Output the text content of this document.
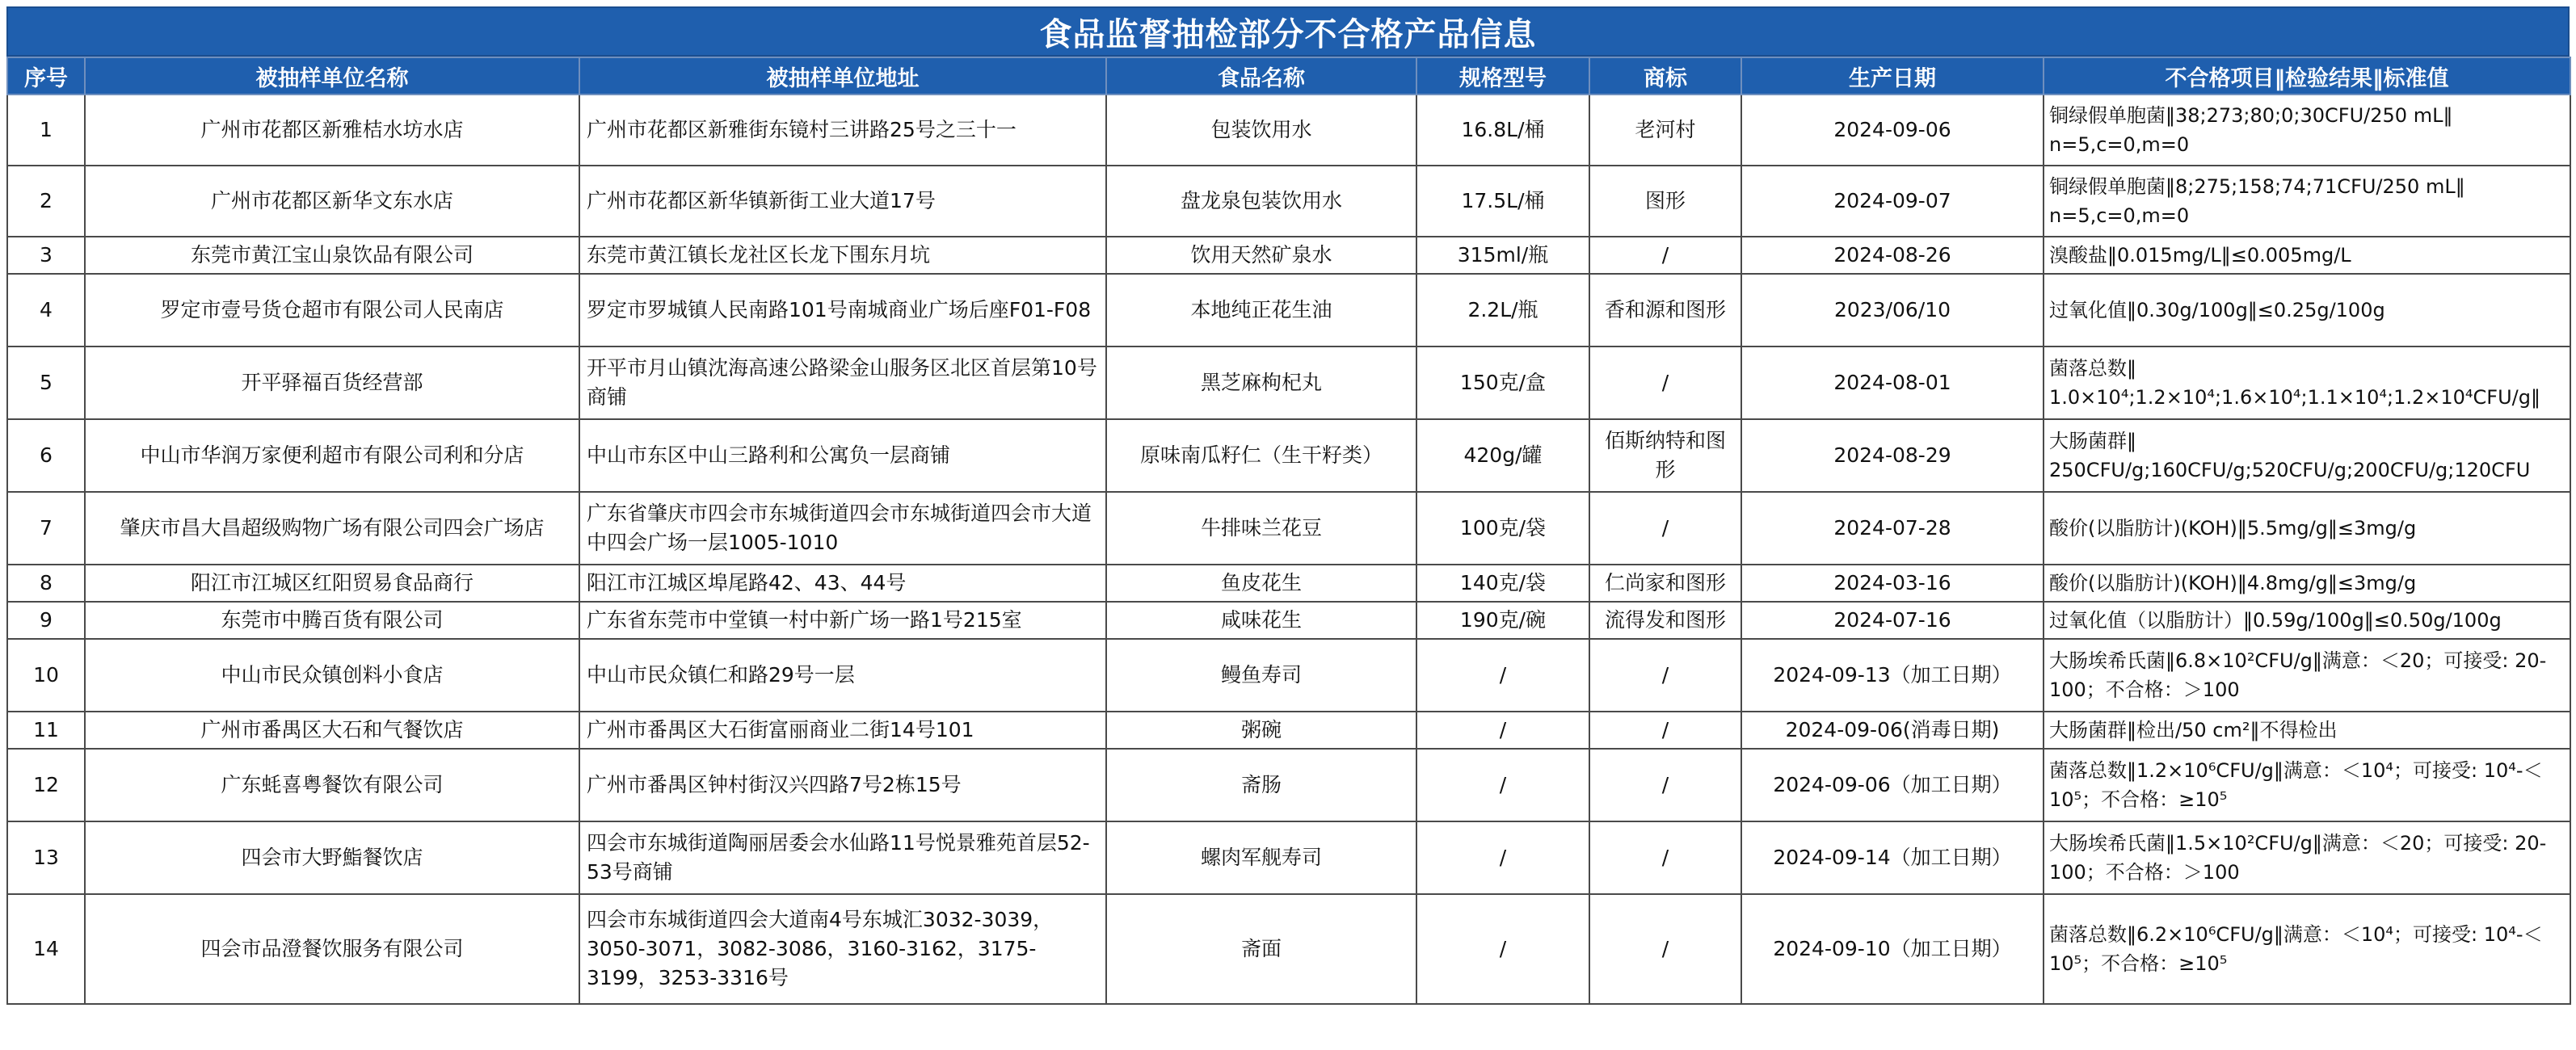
食品监督抽检部分不合格产品信息
序号	被抽样单位名称	被抽样单位地址	食品名称	规格型号	商标	生产日期	不合格项目‖检验结果‖标准值
1	广州市花都区新雅桔水坊水店	广州市花都区新雅街东镜村三讲路25号之三十一	包装饮用水	16.8L/桶	老河村	2024-09-06	铜绿假单胞菌‖38;273;80;0;30CFU/250 mL‖ n=5,c=0,m=0
2	广州市花都区新华文东水店	广州市花都区新华镇新街工业大道17号	盘龙泉包装饮用水	17.5L/桶	图形	2024-09-07	铜绿假单胞菌‖8;275;158;74;71CFU/250 mL‖ n=5,c=0,m=0
3	东莞市黄江宝山泉饮品有限公司	东莞市黄江镇长龙社区长龙下围东月坑	饮用天然矿泉水	315ml/瓶	/	2024-08-26	溴酸盐‖0.015mg/L‖≤0.005mg/L
4	罗定市壹号货仓超市有限公司人民南店	罗定市罗城镇人民南路101号南城商业广场后座F01-F08	本地纯正花生油	2.2L/瓶	香和源和图形	2023/06/10	过氧化值‖0.30g/100g‖≤0.25g/100g
5	开平驿福百货经营部	开平市月山镇沈海高速公路梁金山服务区北区首层第10号商铺	黑芝麻枸杞丸	150克/盒	/	2024-08-01	菌落总数‖ 1.0×10⁴;1.2×10⁴;1.6×10⁴;1.1×10⁴;1.2×10⁴CFU/g‖
6	中山市华润万家便利超市有限公司利和分店	中山市东区中山三路利和公寓负一层商铺	原味南瓜籽仁（生干籽类）	420g/罐	佰斯纳特和图形	2024-08-29	大肠菌群‖ 250CFU/g;160CFU/g;520CFU/g;200CFU/g;120CFU
7	肇庆市昌大昌超级购物广场有限公司四会广场店	广东省肇庆市四会市东城街道四会市东城街道四会市大道中四会广场一层1005-1010	牛排味兰花豆	100克/袋	/	2024-07-28	酸价(以脂肪计)(KOH)‖5.5mg/g‖≤3mg/g
8	阳江市江城区红阳贸易食品商行	阳江市江城区埠尾路42、43、44号	鱼皮花生	140克/袋	仁尚家和图形	2024-03-16	酸价(以脂肪计)(KOH)‖4.8mg/g‖≤3mg/g
9	东莞市中腾百货有限公司	广东省东莞市中堂镇一村中新广场一路1号215室	咸味花生	190克/碗	流得发和图形	2024-07-16	过氧化值（以脂肪计）‖0.59g/100g‖≤0.50g/100g
10	中山市民众镇创料小食店	中山市民众镇仁和路29号一层	鳗鱼寿司	/	/	2024-09-13（加工日期）	大肠埃希氏菌‖6.8×10²CFU/g‖满意：＜20；可接受: 20-100；不合格：＞100
11	广州市番禺区大石和气餐饮店	广州市番禺区大石街富丽商业二街14号101	粥碗	/	/	2024-09-06(消毒日期)	大肠菌群‖检出/50 cm²‖不得检出
12	广东蚝喜粤餐饮有限公司	广州市番禺区钟村街汉兴四路7号2栋15号	斋肠	/	/	2024-09-06（加工日期）	菌落总数‖1.2×10⁶CFU/g‖满意：＜10⁴；可接受: 10⁴-＜10⁵；不合格：≥10⁵
13	四会市大野鮨餐饮店	四会市东城街道陶丽居委会水仙路11号悦景雅苑首层52-53号商铺	螺肉军舰寿司	/	/	2024-09-14（加工日期）	大肠埃希氏菌‖1.5×10²CFU/g‖满意：＜20；可接受: 20-100；不合格：＞100
14	四会市品澄餐饮服务有限公司	四会市东城街道四会大道南4号东城汇3032-3039，3050-3071，3082-3086，3160-3162，3175-3199，3253-3316号	斋面	/	/	2024-09-10（加工日期）	菌落总数‖6.2×10⁶CFU/g‖满意：＜10⁴；可接受: 10⁴-＜10⁵；不合格：≥10⁵
